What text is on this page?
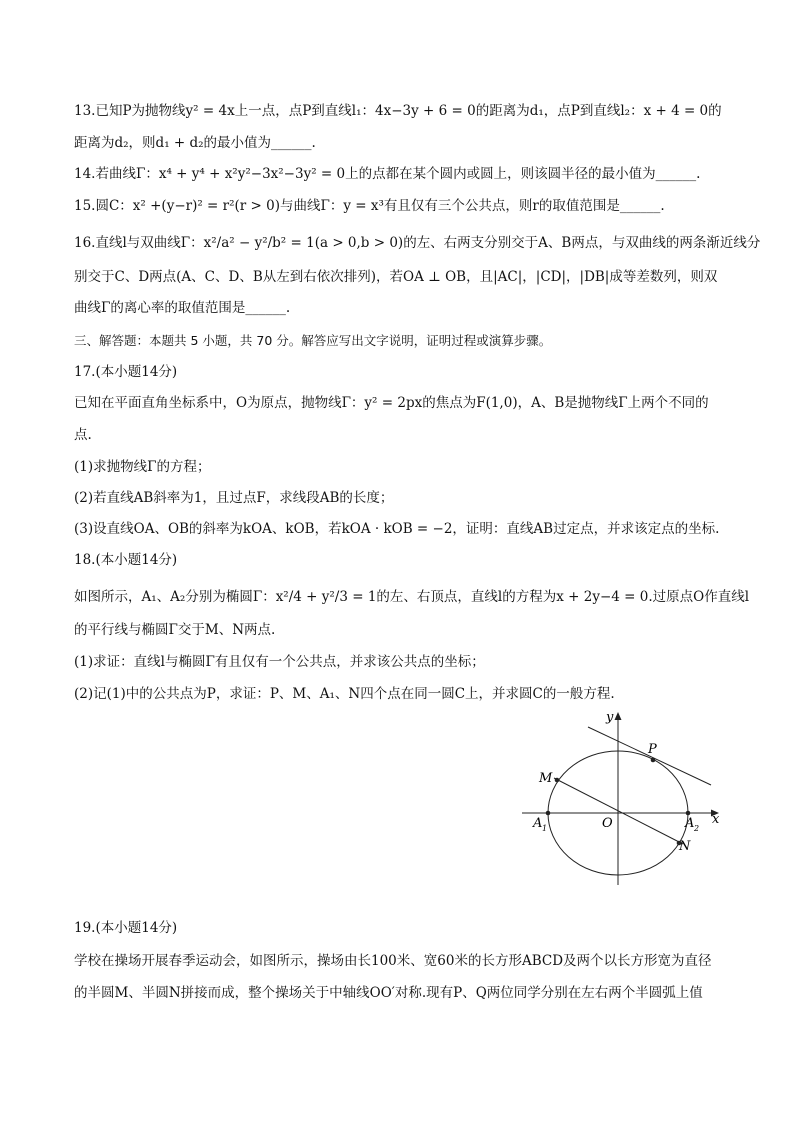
13.已知P为抛物线y² = 4x上一点，点P到直线l₁：4x−3y + 6 = 0的距离为d₁，点P到直线l₂：x + 4 = 0的
距离为d₂，则d₁ + d₂的最小值为______.
14.若曲线Γ：x⁴ + y⁴ + x²y²−3x²−3y² = 0上的点都在某个圆内或圆上，则该圆半径的最小值为______.
15.圆C：x² +(y−r)² = r²(r > 0)与曲线Γ：y = x³有且仅有三个公共点，则r的取值范围是______.
16.直线l与双曲线Γ：x²/a² − y²/b² = 1(a > 0,b > 0)的左、右两支分别交于A、B两点，与双曲线的两条渐近线分
别交于C、D两点(A、C、D、B从左到右依次排列)，若OA ⊥ OB，且|AC|，|CD|，|DB|成等差数列，则双
曲线Γ的离心率的取值范围是______.
三、解答题：本题共 5 小题，共 70 分。解答应写出文字说明，证明过程或演算步骤。
17.(本小题14分)
已知在平面直角坐标系中，O为原点，抛物线Γ：y² = 2px的焦点为F(1,0)，A、B是抛物线Γ上两个不同的
点.
(1)求抛物线Γ的方程；
(2)若直线AB斜率为1，且过点F，求线段AB的长度；
(3)设直线OA、OB的斜率为kOA、kOB，若kOA · kOB = −2，证明：直线AB过定点，并求该定点的坐标.
18.(本小题14分)
如图所示，A₁、A₂分别为椭圆Γ：x²/4 + y²/3 = 1的左、右顶点，直线l的方程为x + 2y−4 = 0.过原点O作直线l
的平行线与椭圆Γ交于M、N两点.
(1)求证：直线l与椭圆Γ有且仅有一个公共点，并求该公共点的坐标；
(2)记(1)中的公共点为P，求证：P、M、A₁、N四个点在同一圆C上，并求圆C的一般方程.
y
x
P
M
O
N
A 1	A 2
19.(本小题14分)
学校在操场开展春季运动会，如图所示，操场由长100米、宽60米的长方形ABCD及两个以长方形宽为直径
的半圆M、半圆N拼接而成，整个操场关于中轴线OO′对称.现有P、Q两位同学分别在左右两个半圆弧上值
